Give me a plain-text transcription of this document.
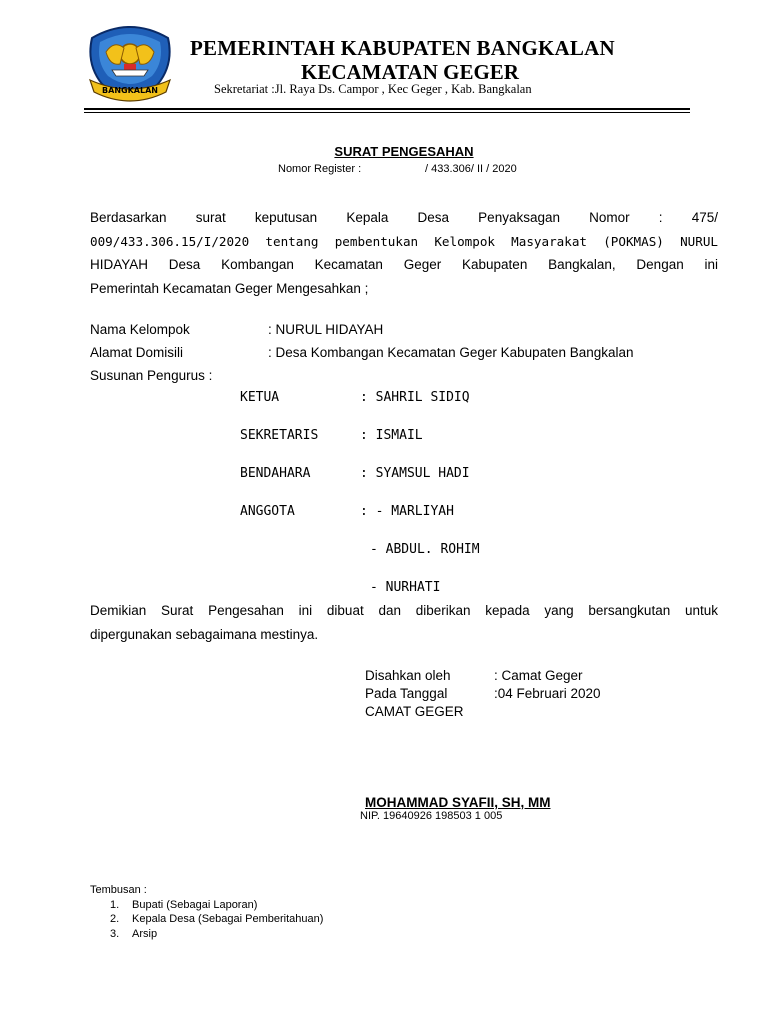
BANGKALAN
PEMERINTAH KABUPATEN BANGKALAN
KECAMATAN GEGER
Sekretariat :Jl. Raya Ds. Campor , Kec Geger , Kab. Bangkalan
SURAT PENGESAHAN
Nomor Register :	/ 433.306/ II / 2020
Berdasarkan surat keputusan Kepala Desa Penyaksagan Nomor : 475/
009/433.306.15/I/2020 tentang pembentukan Kelompok Masyarakat (POKMAS) NURUL
HIDAYAH Desa Kombangan Kecamatan Geger Kabupaten Bangkalan, Dengan ini
Pemerintah Kecamatan Geger Mengesahkan ;
Nama Kelompok	: NURUL HIDAYAH
Alamat Domisili	: Desa Kombangan Kecamatan Geger Kabupaten Bangkalan
Susunan Pengurus :
KETUA	: SAHRIL SIDIQ
SEKRETARIS	: ISMAIL
BENDAHARA	: SYAMSUL HADI
ANGGOTA	: - MARLIYAH
- ABDUL. ROHIM
- NURHATI
Demikian Surat Pengesahan ini dibuat dan diberikan kepada yang bersangkutan untuk
dipergunakan sebagaimana mestinya.
Disahkan oleh	: Camat Geger
Pada Tanggal	:04 Februari 2020
CAMAT GEGER
MOHAMMAD SYAFII, SH, MM
NIP. 19640926 198503 1 005
Tembusan :
1. Bupati (Sebagai Laporan)
2. Kepala Desa (Sebagai Pemberitahuan)
3. Arsip
